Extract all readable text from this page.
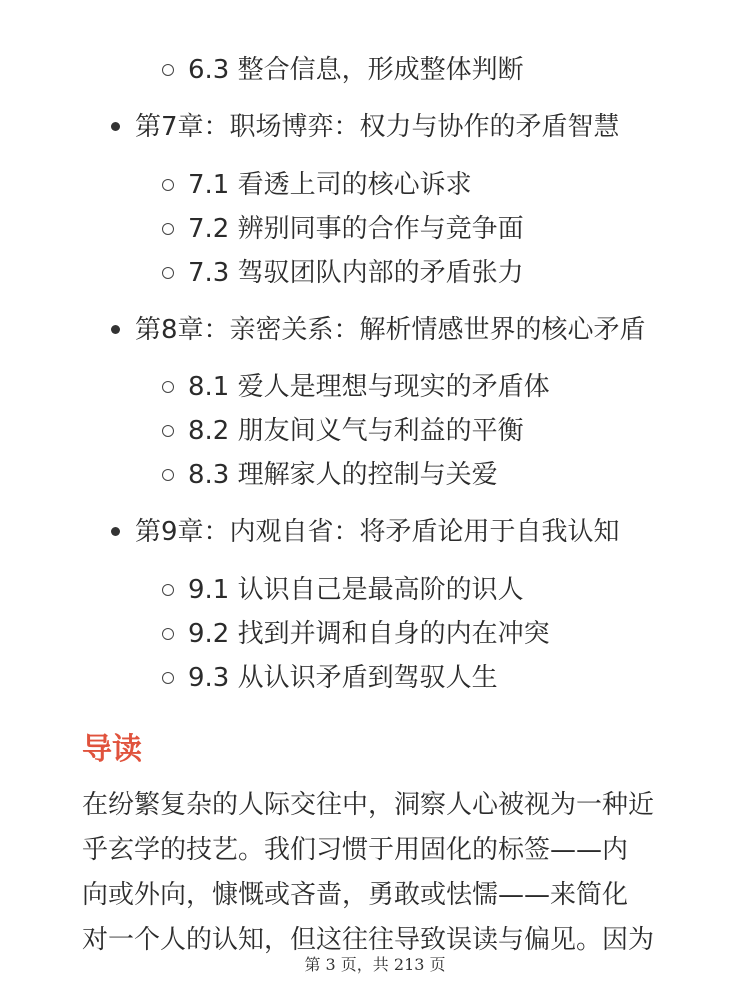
6.3 整合信息，形成整体判断
第7章：职场博弈：权力与协作的矛盾智慧
7.1 看透上司的核心诉求
7.2 辨别同事的合作与竞争面
7.3 驾驭团队内部的矛盾张力
第8章：亲密关系：解析情感世界的核心矛盾
8.1 爱人是理想与现实的矛盾体
8.2 朋友间义气与利益的平衡
8.3 理解家人的控制与关爱
第9章：内观自省：将矛盾论用于自我认知
9.1 认识自己是最高阶的识人
9.2 找到并调和自身的内在冲突
9.3 从认识矛盾到驾驭人生
导读
在纷繁复杂的人际交往中，洞察人心被视为一种近
乎玄学的技艺。我们习惯于用固化的标签——内
向或外向，慷慨或吝啬，勇敢或怯懦——来简化
对一个人的认知，但这往往导致误读与偏见。因为
第 3 页，共 213 页
